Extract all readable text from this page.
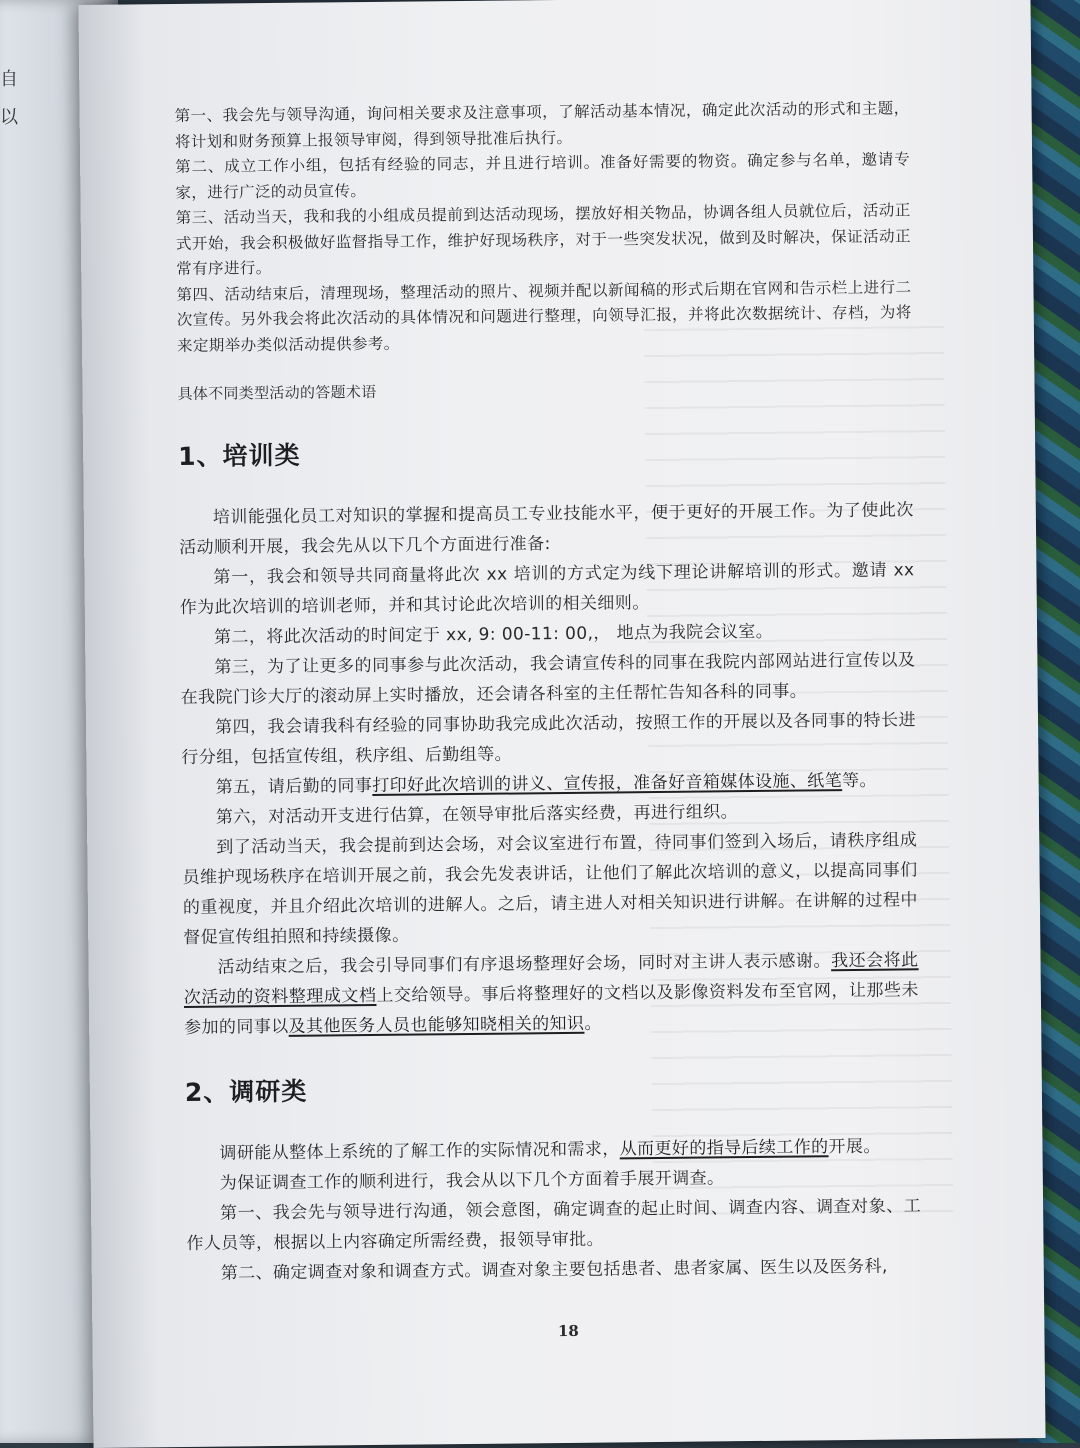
自 以	第一、我会先与领导沟通，询问相关要求及注意事项，了解活动基本情况，确定此次活动的形式和主题，将计划和财务预算上报领导审阅，得到领导批准后执行。

第二、成立工作小组，包括有经验的同志，并且进行培训。准备好需要的物资。确定参与名单，邀请专家，进行广泛的动员宣传。

第三、活动当天，我和我的小组成员提前到达活动现场，摆放好相关物品，协调各组人员就位后，活动正式开始，我会积极做好监督指导工作，维护好现场秩序，对于一些突发状况，做到及时解决，保证活动正常有序进行。

第四、活动结束后，清理现场，整理活动的照片、视频并配以新闻稿的形式后期在官网和告示栏上进行二次宣传。另外我会将此次活动的具体情况和问题进行整理，向领导汇报，并将此次数据统计、存档，为将来定期举办类似活动提供参考。

具体不同类型活动的答题术语

1、培训类

培训能强化员工对知识的掌握和提高员工专业技能水平，便于更好的开展工作。为了使此次活动顺利开展，我会先从以下几个方面进行准备:

第一，我会和领导共同商量将此次 xx 培训的方式定为线下理论讲解培训的形式。邀请 xx 作为此次培训的培训老师，并和其讨论此次培训的相关细则。

第二，将此次活动的时间定于 xx, 9: 00-11: 00,， 地点为我院会议室。

第三，为了让更多的同事参与此次活动，我会请宣传科的同事在我院内部网站进行宣传以及在我院门诊大厅的滚动屏上实时播放，还会请各科室的主任帮忙告知各科的同事。

第四，我会请我科有经验的同事协助我完成此次活动，按照工作的开展以及各同事的特长进行分组，包括宣传组，秩序组、后勤组等。

第五，请后勤的同事打印好此次培训的讲义、宣传报，准备好音箱媒体设施、纸笔等。

第六，对活动开支进行估算，在领导审批后落实经费，再进行组织。

到了活动当天，我会提前到达会场，对会议室进行布置，待同事们签到入场后，请秩序组成员维护现场秩序在培训开展之前，我会先发表讲话，让他们了解此次培训的意义，以提高同事们的重视度，并且介绍此次培训的进解人。之后，请主进人对相关知识进行讲解。在讲解的过程中督促宣传组拍照和持续摄像。

活动结束之后，我会引导同事们有序退场整理好会场，同时对主讲人表示感谢。我还会将此次活动的资料整理成文档上交给领导。事后将整理好的文档以及影像资料发布至官网，让那些未参加的同事以及其他医务人员也能够知晓相关的知识。

2、调研类

调研能从整体上系统的了解工作的实际情况和需求，从而更好的指导后续工作的开展。

为保证调查工作的顺利进行，我会从以下几个方面着手展开调查。

第一、我会先与领导进行沟通，领会意图，确定调查的起止时间、调查内容、调查对象、工作人员等，根据以上内容确定所需经费，报领导审批。

第二、确定调查对象和调查方式。调查对象主要包括患者、患者家属、医生以及医务科,

18
